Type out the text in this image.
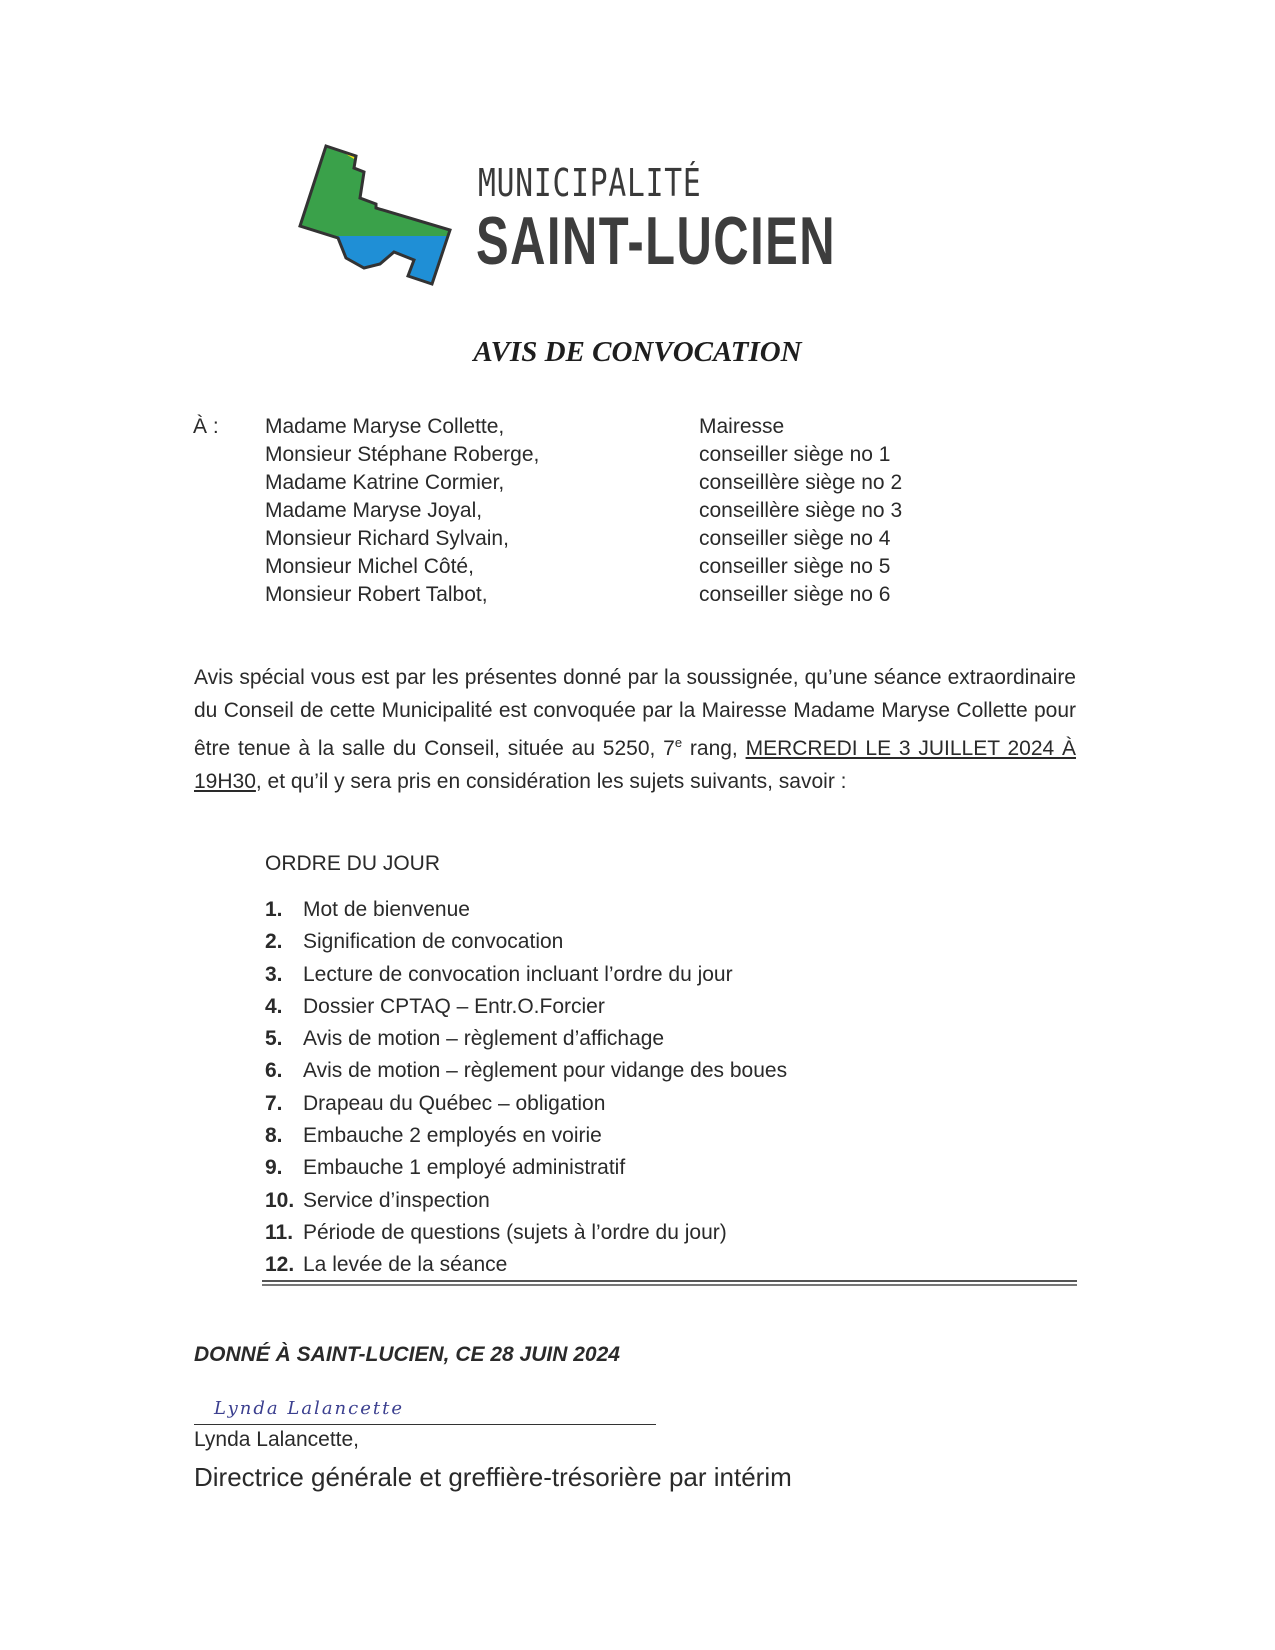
MUNICIPALITÉ
SAINT-LUCIEN
AVIS DE CONVOCATION
À : Madame Maryse Collette,
Monsieur Stéphane Roberge,
Madame Katrine Cormier,
Madame Maryse Joyal,
Monsieur Richard Sylvain,
Monsieur Michel Côté,
Monsieur Robert Talbot,
Mairesse
conseiller siège no 1
conseillère siège no 2
conseillère siège no 3
conseiller siège no 4
conseiller siège no 5
conseiller siège no 6
Avis spécial vous est par les présentes donné par la soussignée, qu’une séance extraordinaire du Conseil de cette Municipalité est convoquée par la Mairesse Madame Maryse Collette pour être tenue à la salle du Conseil, située au 5250, 7e rang, MERCREDI LE 3 JUILLET 2024 À 19H30, et qu’il y sera pris en considération les sujets suivants, savoir :
ORDRE DU JOUR
1. Mot de bienvenue
2. Signification de convocation
3. Lecture de convocation incluant l’ordre du jour
4. Dossier CPTAQ – Entr.O.Forcier
5. Avis de motion – règlement d’affichage
6. Avis de motion – règlement pour vidange des boues
7. Drapeau du Québec – obligation
8. Embauche 2 employés en voirie
9. Embauche 1 employé administratif
10. Service d’inspection
11. Période de questions (sujets à l’ordre du jour)
12. La levée de la séance
DONNÉ À SAINT-LUCIEN, CE 28 JUIN 2024
Lynda Lalancette
Lynda Lalancette,
Directrice générale et greffière-trésorière par intérim
